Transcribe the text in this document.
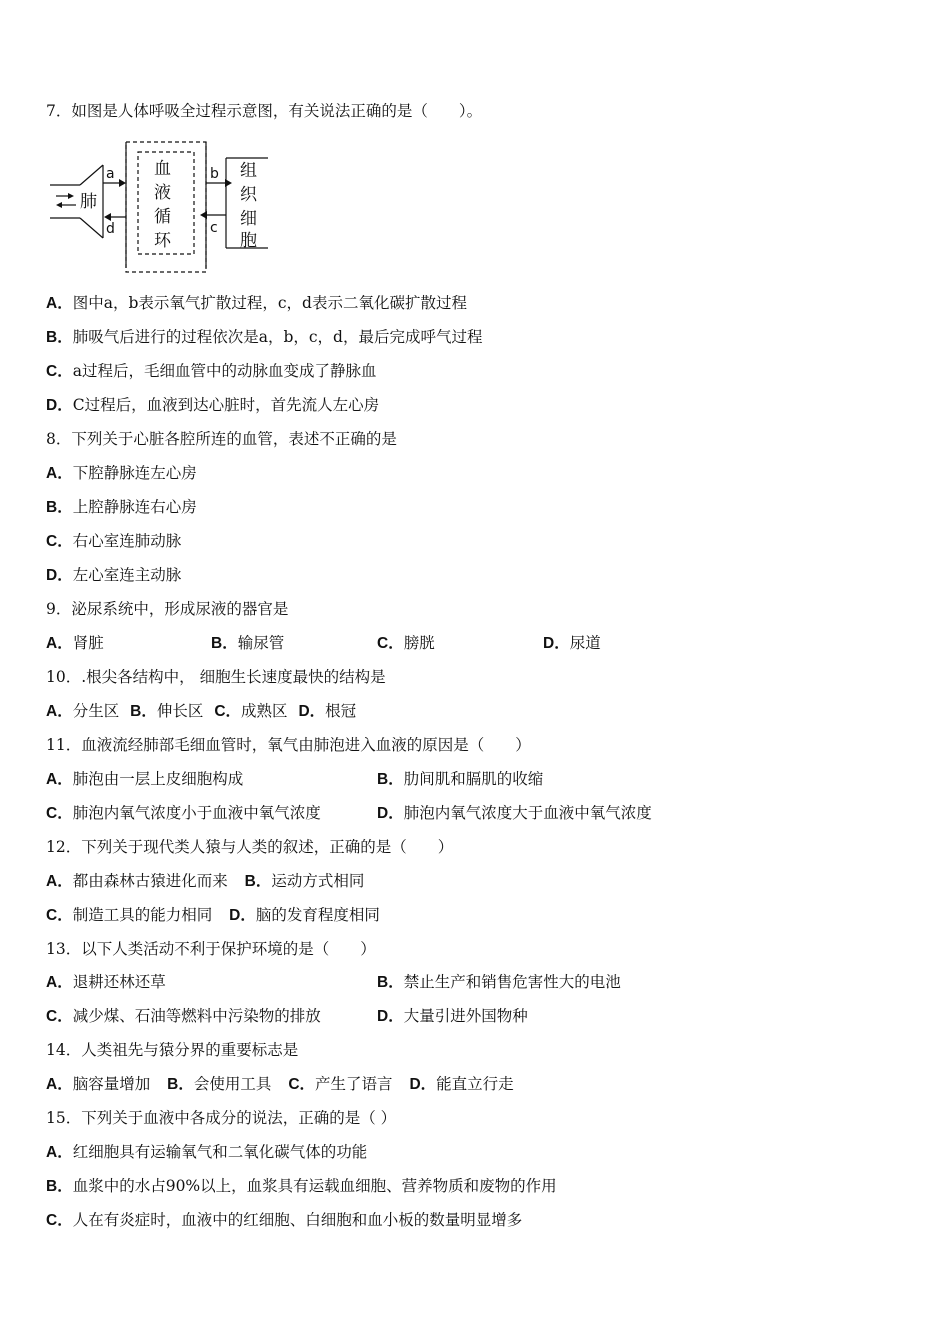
7．如图是人体呼吸全过程示意图，有关说法正确的是（　　）。
肺
a
d
血
液
循
环
b
c
组
织
细
胞
A．图中a，b表示氧气扩散过程，c，d表示二氧化碳扩散过程
B．肺吸气后进行的过程依次是a，b，c，d，最后完成呼气过程
C．a过程后，毛细血管中的动脉血变成了静脉血
D．C过程后，血液到达心脏时，首先流人左心房
8．下列关于心脏各腔所连的血管，表述不正确的是
A．下腔静脉连左心房
B．上腔静脉连右心房
C．右心室连肺动脉
D．左心室连主动脉
9．泌尿系统中，形成尿液的器官是
A．肾脏	B．输尿管	C．膀胱	D．尿道
10．.根尖各结构中， 细胞生长速度最快的结构是
A．分生区 B．伸长区 C．成熟区 D．根冠
11．血液流经肺部毛细血管时，氧气由肺泡进入血液的原因是（　　）
A．肺泡由一层上皮细胞构成	B．肋间肌和膈肌的收缩
C．肺泡内氧气浓度小于血液中氧气浓度	D．肺泡内氧气浓度大于血液中氧气浓度
12．下列关于现代类人猿与人类的叙述，正确的是（　　）
A．都由森林古猿进化而来 B．运动方式相同
C．制造工具的能力相同 D．脑的发育程度相同
13．以下人类活动不利于保护环境的是（　　）
A．退耕还林还草	B．禁止生产和销售危害性大的电池
C．减少煤、石油等燃料中污染物的排放	D．大量引进外国物种
14．人类祖先与猿分界的重要标志是
A．脑容量增加 B．会使用工具 C．产生了语言 D．能直立行走
15．下列关于血液中各成分的说法，正确的是（ ）
A．红细胞具有运输氧气和二氧化碳气体的功能
B．血浆中的水占90%以上，血浆具有运载血细胞、营养物质和废物的作用
C．人在有炎症时，血液中的红细胞、白细胞和血小板的数量明显增多
